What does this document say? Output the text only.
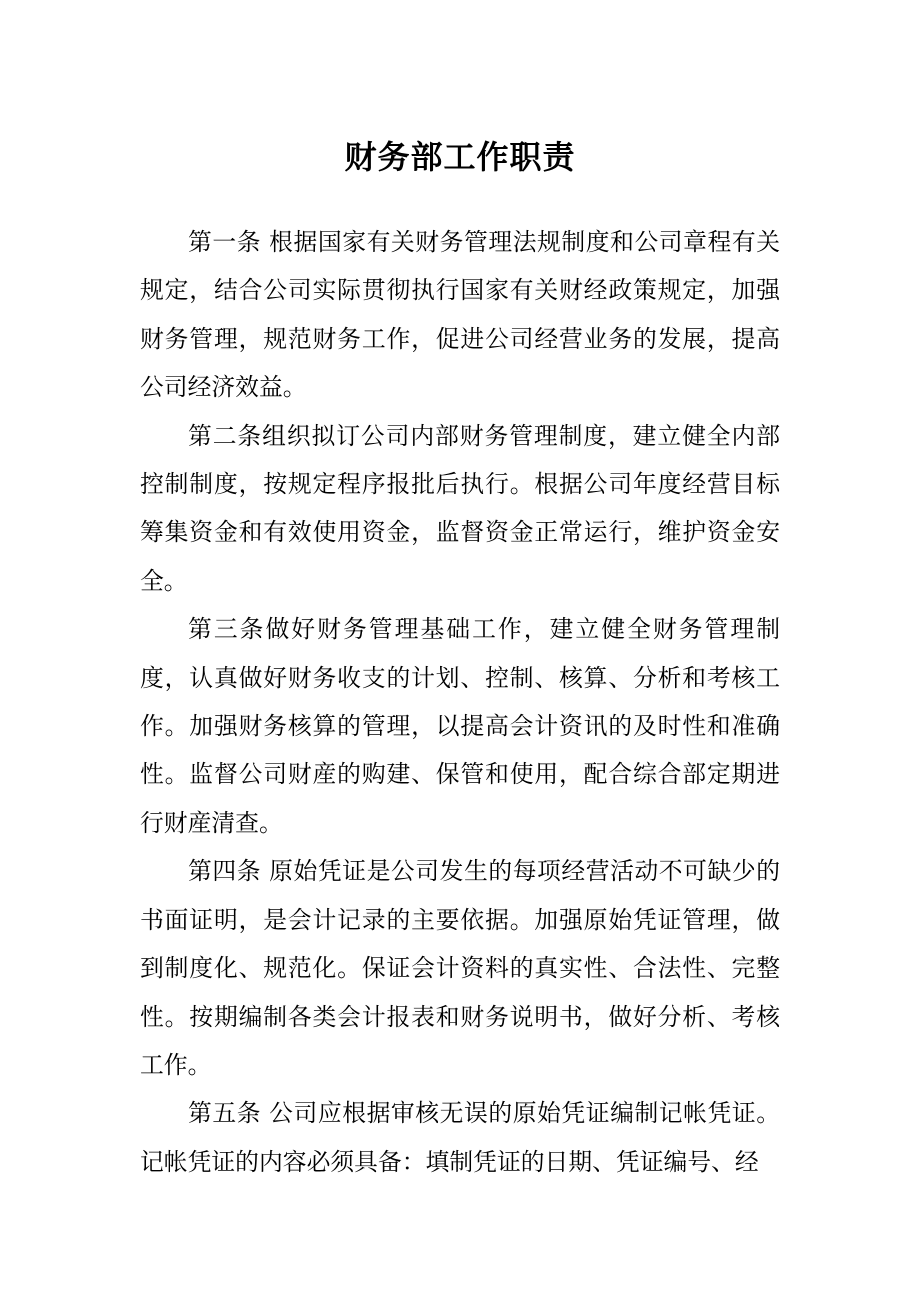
财务部工作职责

第一条 根据国家有关财务管理法规制度和公司章程有关规定，结合公司实际贯彻执行国家有关财经政策规定，加强财务管理，规范财务工作，促进公司经营业务的发展，提高公司经济效益。

第二条组织拟订公司内部财务管理制度，建立健全内部控制制度，按规定程序报批后执行。根据公司年度经营目标筹集资金和有效使用资金，监督资金正常运行，维护资金安全。

第三条做好财务管理基础工作，建立健全财务管理制度，认真做好财务收支的计划、控制、核算、分析和考核工作。加强财务核算的管理，以提高会计资讯的及时性和准确性。监督公司财産的购建、保管和使用，配合综合部定期进行财産清查。

第四条 原始凭证是公司发生的每项经营活动不可缺少的书面证明，是会计记录的主要依据。加强原始凭证管理，做到制度化、规范化。保证会计资料的真实性、合法性、完整性。按期编制各类会计报表和财务说明书，做好分析、考核工作。

第五条 公司应根据审核无误的原始凭证编制记帐凭证。记帐凭证的内容必须具备：填制凭证的日期、凭证编号、经
